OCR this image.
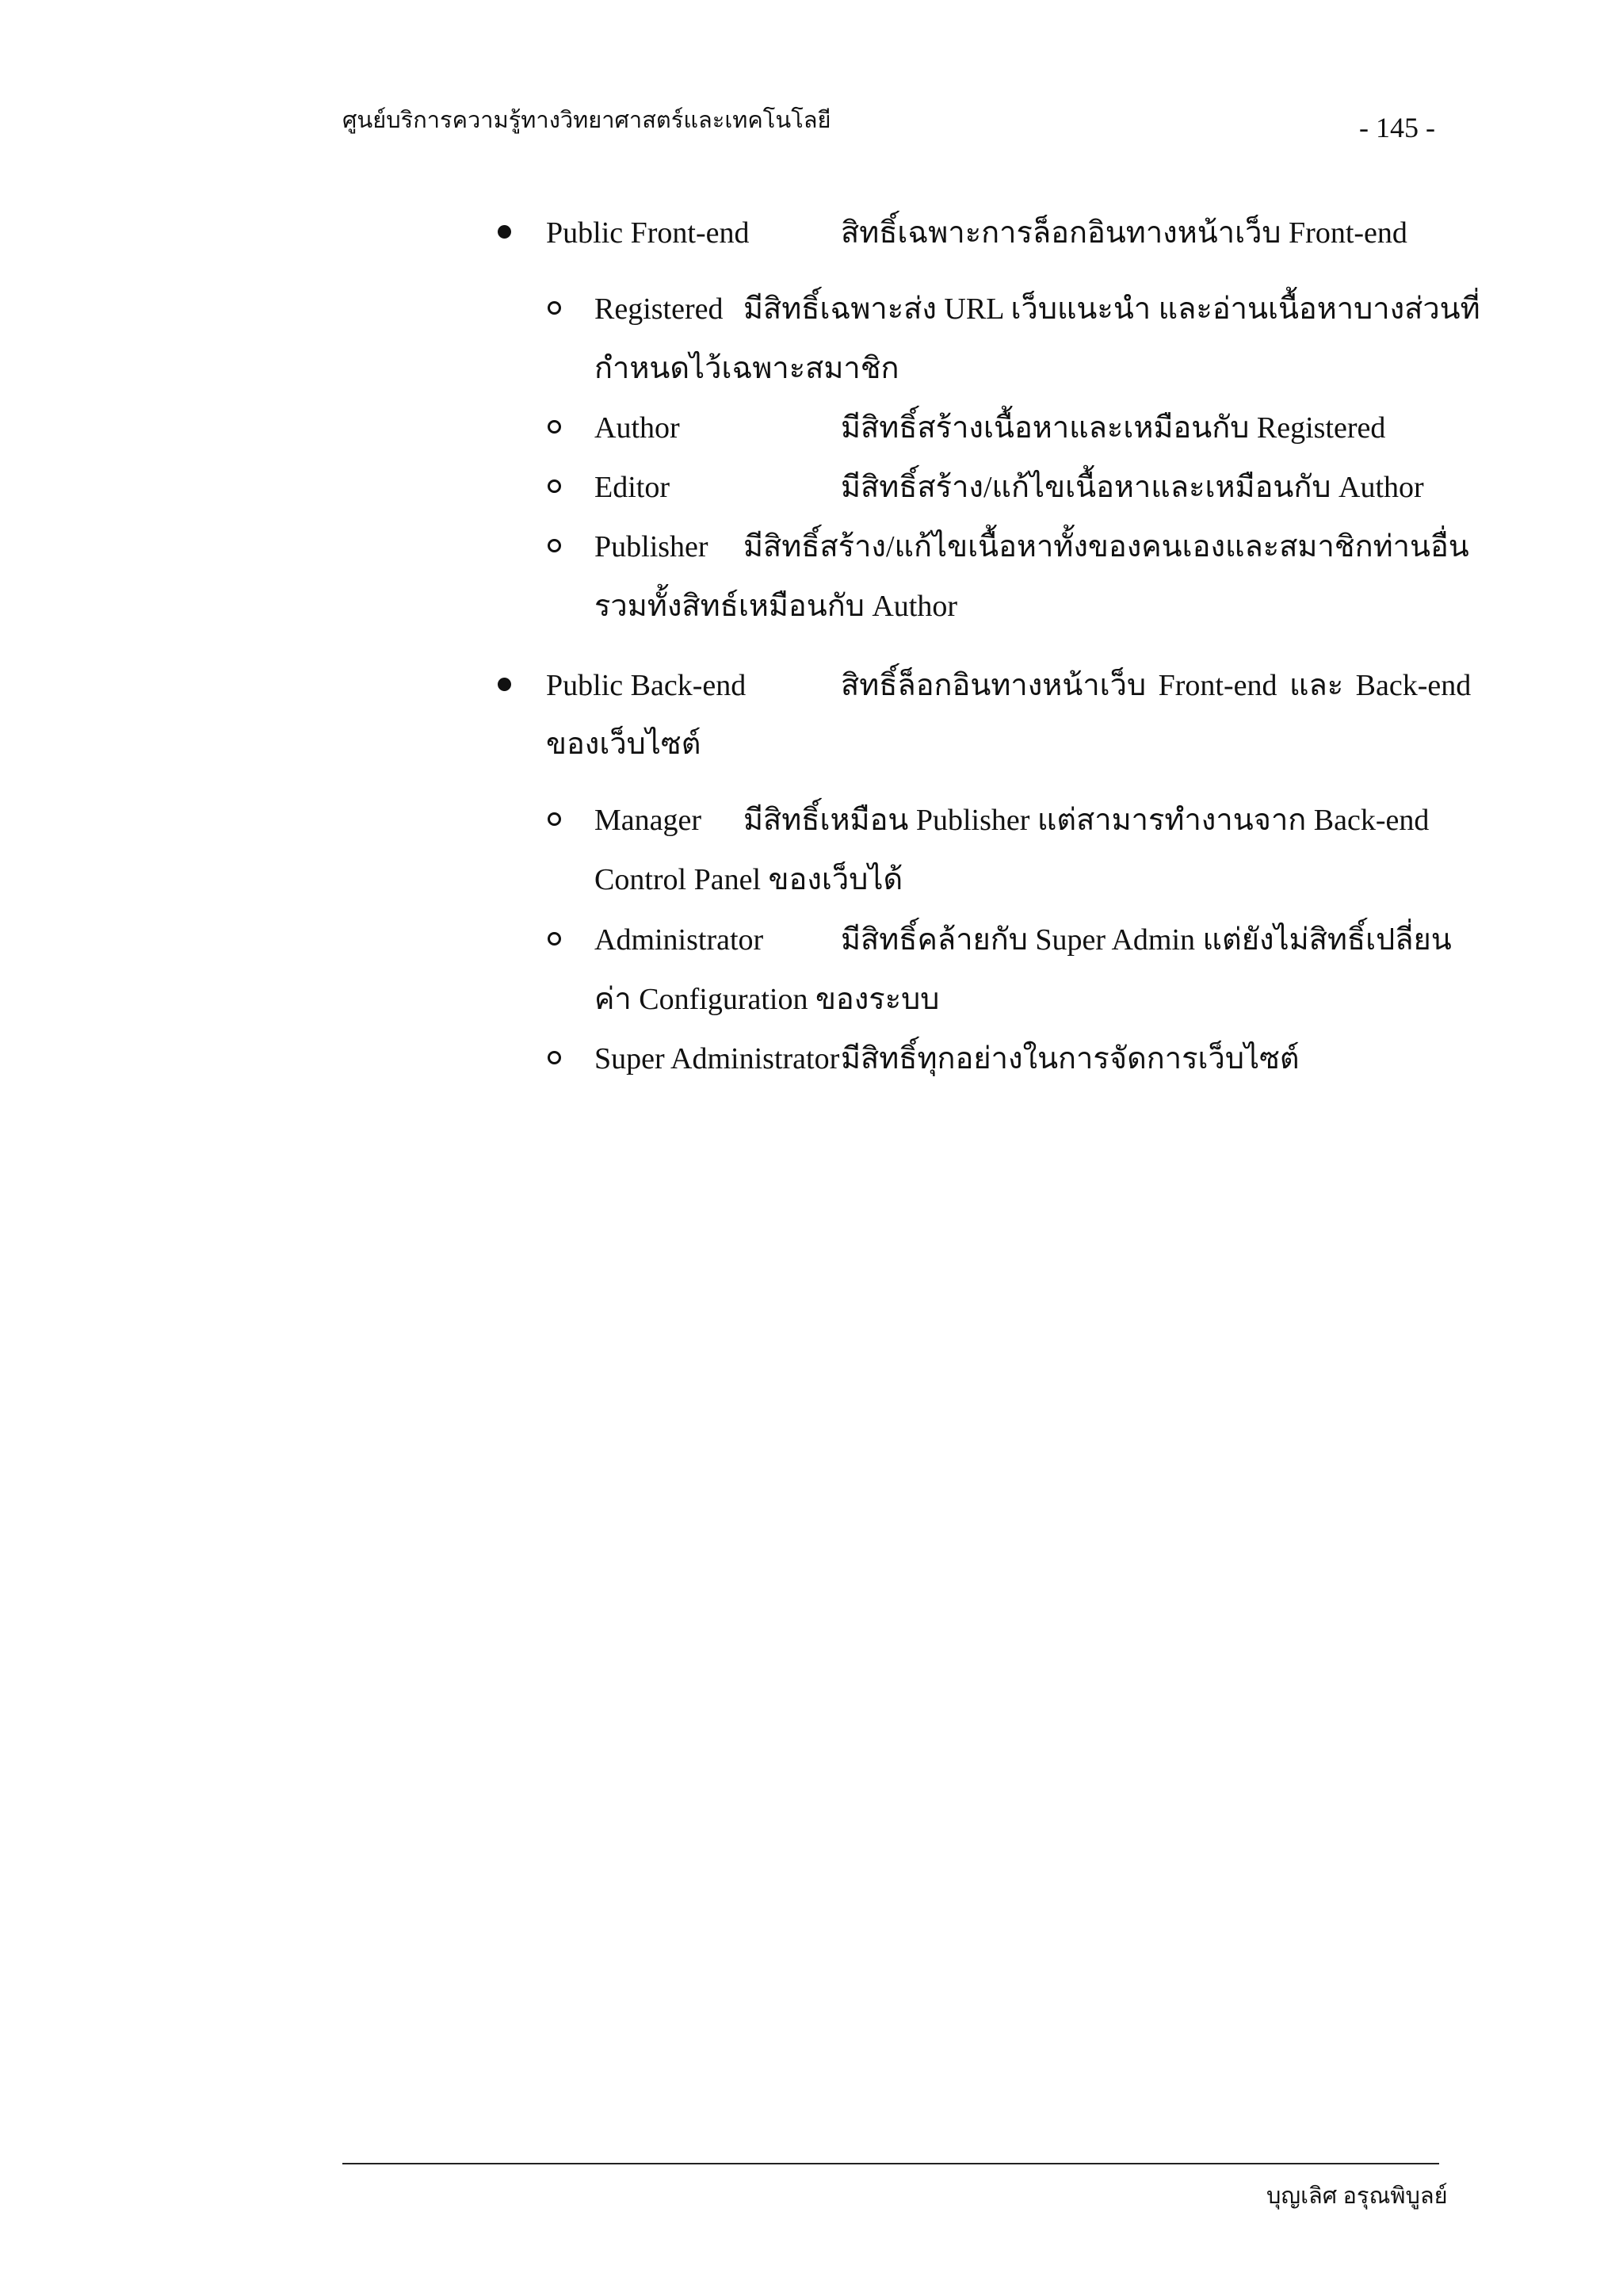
ศูนย์บริการความรู้ทางวิทยาศาสตร์และเทคโนโลยี	- 145 -
Public Front-end	สิทธิ์เฉพาะการล็อกอินทางหน้าเว็บ Front-end
Registered มีสิทธิ์เฉพาะส่ง URL เว็บแนะนำ และอ่านเนื้อหาบางส่วนที่
กำหนดไว้เฉพาะสมาชิก
Author	มีสิทธิ์สร้างเนื้อหาและเหมือนกับ Registered
Editor	มีสิทธิ์สร้าง/แก้ไขเนื้อหาและเหมือนกับ Author
Publisher มีสิทธิ์สร้าง/แก้ไขเนื้อหาทั้งของคนเองและสมาชิกท่านอื่น
รวมทั้งสิทธ์เหมือนกับ Author
Public Back-end	สิทธิ์ล็อกอินทางหน้าเว็บ Front-end และ Back-end
ของเว็บไซต์
Manager มีสิทธิ์เหมือน Publisher แต่สามารทำงานจาก Back-end
Control Panel ของเว็บได้
Administrator	มีสิทธิ์คล้ายกับ Super Admin แต่ยังไม่สิทธิ์เปลี่ยน
ค่า Configuration ของระบบ
Super Administrator มีสิทธิ์ทุกอย่างในการจัดการเว็บไซต์
บุญเลิศ อรุณพิบูลย์
